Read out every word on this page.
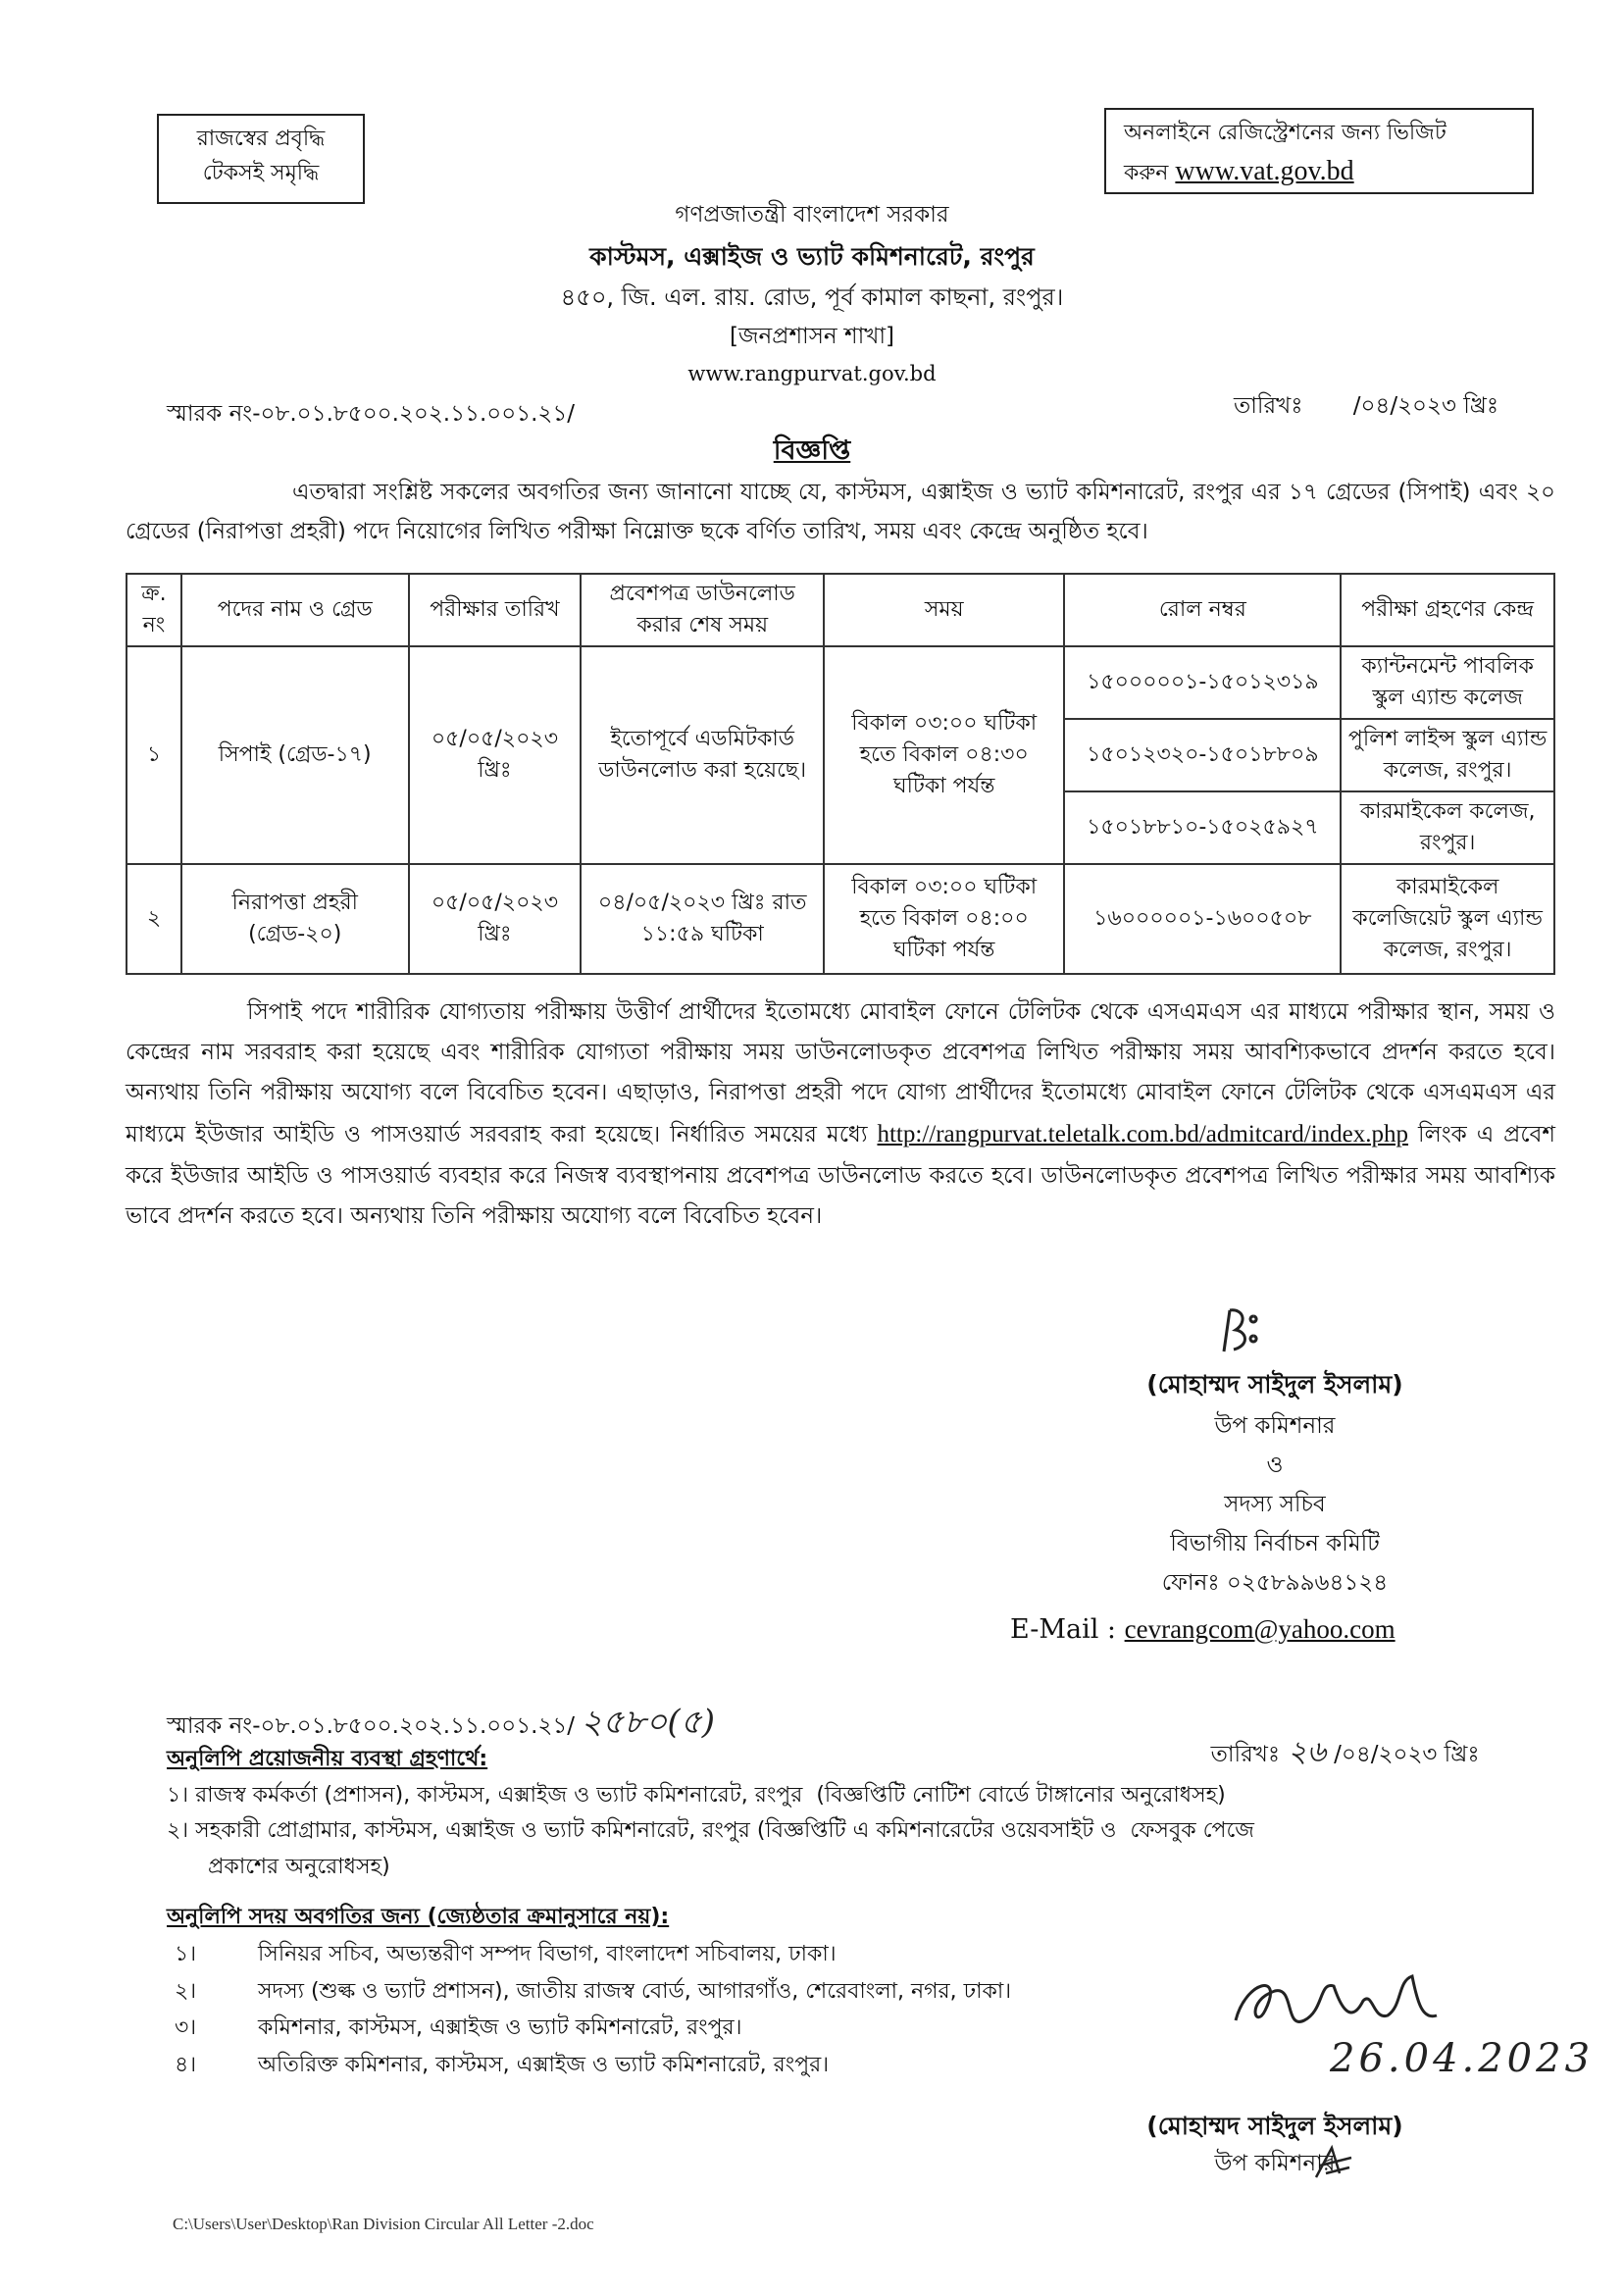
রাজস্বের প্রবৃদ্ধি
টেকসই সমৃদ্ধি
অনলাইনে রেজিস্ট্রেশনের জন্য ভিজিট
করুন www.vat.gov.bd
গণপ্রজাতন্ত্রী বাংলাদেশ সরকার
কাস্টমস, এক্সাইজ ও ভ্যাট কমিশনারেট, রংপুর
৪৫০, জি. এল. রায়. রোড, পূর্ব কামাল কাছনা, রংপুর।
[জনপ্রশাসন শাখা]
www.rangpurvat.gov.bd
স্মারক নং-০৮.০১.৮৫০০.২০২.১১.০০১.২১/	তারিখঃ       /০৪/২০২৩ খ্রিঃ
বিজ্ঞপ্তি
এতদ্বারা সংশ্লিষ্ট সকলের অবগতির জন্য জানানো যাচ্ছে যে, কাস্টমস, এক্সাইজ ও ভ্যাট কমিশনারেট, রংপুর এর ১৭ গ্রেডের (সিপাই) এবং ২০ গ্রেডের (নিরাপত্তা প্রহরী) পদে নিয়োগের লিখিত পরীক্ষা নিম্নোক্ত ছকে বর্ণিত তারিখ, সময় এবং কেন্দ্রে অনুষ্ঠিত হবে।
ক্র. নং	পদের নাম ও গ্রেড	পরীক্ষার তারিখ	প্রবেশপত্র ডাউনলোড করার শেষ সময়	সময়	রোল নম্বর	পরীক্ষা গ্রহণের কেন্দ্র
১	সিপাই (গ্রেড-১৭)	০৫/০৫/২০২৩ খ্রিঃ	ইতোপূর্বে এডমিটকার্ড ডাউনলোড করা হয়েছে।	বিকাল ০৩:০০ ঘটিকা হতে বিকাল ০৪:৩০ ঘটিকা পর্যন্ত	১৫০০০০০১-১৫০১২৩১৯	ক্যান্টনমেন্ট পাবলিক স্কুল এ্যান্ড কলেজ
					১৫০১২৩২০-১৫০১৮৮০৯	পুলিশ লাইন্স স্কুল এ্যান্ড কলেজ, রংপুর।
					১৫০১৮৮১০-১৫০২৫৯২৭	কারমাইকেল কলেজ, রংপুর।
২	নিরাপত্তা প্রহরী (গ্রেড-২০)	০৫/০৫/২০২৩ খ্রিঃ	০৪/০৫/২০২৩ খ্রিঃ রাত ১১:৫৯ ঘটিকা	বিকাল ০৩:০০ ঘটিকা হতে বিকাল ০৪:০০ ঘটিকা পর্যন্ত	১৬০০০০০১-১৬০০৫০৮	কারমাইকেল কলেজিয়েট স্কুল এ্যান্ড কলেজ, রংপুর।
সিপাই পদে শারীরিক যোগ্যতায় পরীক্ষায় উত্তীর্ণ প্রার্থীদের ইতোমধ্যে মোবাইল ফোনে টেলিটক থেকে এসএমএস এর মাধ্যমে পরীক্ষার স্থান, সময় ও কেন্দ্রের নাম সরবরাহ করা হয়েছে এবং শারীরিক যোগ্যতা পরীক্ষায় সময় ডাউনলোডকৃত প্রবেশপত্র লিখিত পরীক্ষায় সময় আবশ্যিকভাবে প্রদর্শন করতে হবে। অন্যথায় তিনি পরীক্ষায় অযোগ্য বলে বিবেচিত হবেন। এছাড়াও, নিরাপত্তা প্রহরী পদে যোগ্য প্রার্থীদের ইতোমধ্যে মোবাইল ফোনে টেলিটক থেকে এসএমএস এর মাধ্যমে ইউজার আইডি ও পাসওয়ার্ড সরবরাহ করা হয়েছে। নির্ধারিত সময়ের মধ্যে http://rangpurvat.teletalk.com.bd/admitcard/index.php লিংক এ প্রবেশ করে ইউজার আইডি ও পাসওয়ার্ড ব্যবহার করে নিজস্ব ব্যবস্থাপনায় প্রবেশপত্র ডাউনলোড করতে হবে। ডাউনলোডকৃত প্রবেশপত্র লিখিত পরীক্ষার সময় আবশ্যিক ভাবে প্রদর্শন করতে হবে। অন্যথায় তিনি পরীক্ষায় অযোগ্য বলে বিবেচিত হবেন।
(মোহাম্মদ সাইদুল ইসলাম)
উপ কমিশনার
ও
সদস্য সচিব
বিভাগীয় নির্বাচন কমিটি
ফোনঃ ০২৫৮৯৯৬৪১২৪
E-Mail : cevrangcom@yahoo.com
স্মারক নং-০৮.০১.৮৫০০.২০২.১১.০০১.২১/ ২৫৮০(৫)

তারিখঃ ২৬ /০৪/২০২৩ খ্রিঃ

অনুলিপি প্রয়োজনীয় ব্যবস্থা গ্রহণার্থে:
১। রাজস্ব কর্মকর্তা (প্রশাসন), কাস্টমস, এক্সাইজ ও ভ্যাট কমিশনারেট, রংপুর  (বিজ্ঞপ্তিটি নোটিশ বোর্ডে টাঙ্গানোর অনুরোধসহ)
২। সহকারী প্রোগ্রামার, কাস্টমস, এক্সাইজ ও ভ্যাট কমিশনারেট, রংপুর (বিজ্ঞপ্তিটি এ কমিশনারেটের ওয়েবসাইট ও  ফেসবুক পেজে
প্রকাশের অনুরোধসহ)
অনুলিপি সদয় অবগতির জন্য (জ্যেষ্ঠতার ক্রমানুসারে নয়):
১।	সিনিয়র সচিব, অভ্যন্তরীণ সম্পদ বিভাগ, বাংলাদেশ সচিবালয়, ঢাকা।
২।	সদস্য (শুল্ক ও ভ্যাট প্রশাসন), জাতীয় রাজস্ব বোর্ড, আগারগাঁও, শেরেবাংলা, নগর, ঢাকা।
৩।	কমিশনার, কাস্টমস, এক্সাইজ ও ভ্যাট কমিশনারেট, রংপুর।
৪।	অতিরিক্ত কমিশনার, কাস্টমস, এক্সাইজ ও ভ্যাট কমিশনারেট, রংপুর।	26.04.2023
(মোহাম্মদ সাইদুল ইসলাম)
উপ কমিশনার
C:\Users\User\Desktop\Ran Division Circular All Letter -2.doc
